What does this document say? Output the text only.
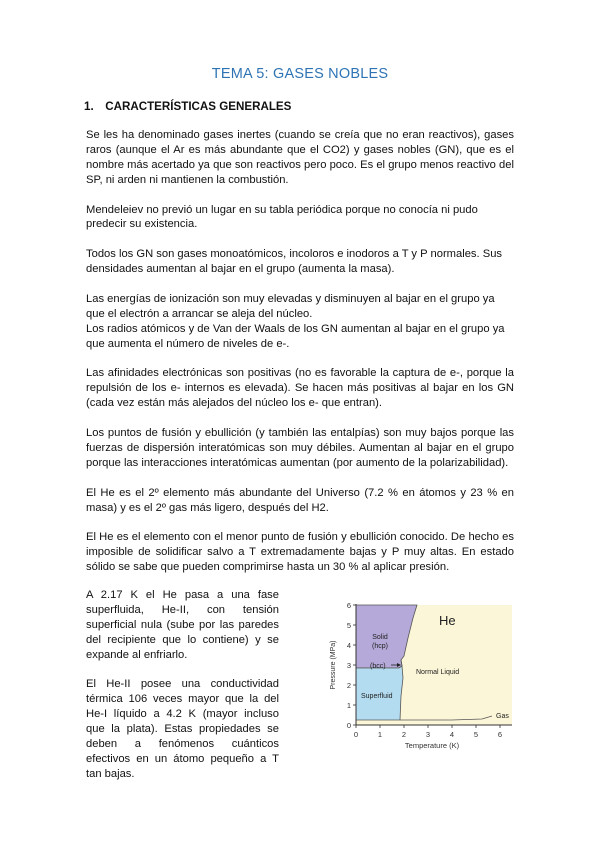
TEMA 5: GASES NOBLES
1. CARACTERÍSTICAS GENERALES

Se les ha denominado gases inertes (cuando se creía que no eran reactivos), gases raros (aunque el Ar es más abundante que el CO2) y gases nobles (GN), que es el nombre más acertado ya que son reactivos pero poco. Es el grupo menos reactivo del SP, ni arden ni mantienen la combustión.

Mendeleiev no previó un lugar en su tabla periódica porque no conocía ni pudo predecir su existencia.

Todos los GN son gases monoatómicos, incoloros e inodoros a T y P normales. Sus densidades aumentan al bajar en el grupo (aumenta la masa).

Las energías de ionización son muy elevadas y disminuyen al bajar en el grupo ya que el electrón a arrancar se aleja del núcleo.

Los radios atómicos y de Van der Waals de los GN aumentan al bajar en el grupo ya que aumenta el número de niveles de e-.

Las afinidades electrónicas son positivas (no es favorable la captura de e-, porque la repulsión de los e- internos es elevada). Se hacen más positivas al bajar en los GN (cada vez están más alejados del núcleo los e- que entran).

Los puntos de fusión y ebullición (y también las entalpías) son muy bajos porque las fuerzas de dispersión interatómicas son muy débiles. Aumentan al bajar en el grupo porque las interacciones interatómicas aumentan (por aumento de la polarizabilidad).

El He es el 2º elemento más abundante del Universo (7.2 % en átomos y 23 % en masa) y es el 2º gas más ligero, después del H2.

El He es el elemento con el menor punto de fusión y ebullición conocido. De hecho es imposible de solidificar salvo a T extremadamente bajas y P muy altas. En estado sólido se sabe que pueden comprimirse hasta un 30 % al aplicar presión.

A 2.17 K el He pasa a una fase superfluida, He-II, con tensión superficial nula (sube por las paredes del recipiente que lo contiene) y se expande al enfriarlo.

El He-II posee una conductividad térmica 106 veces mayor que la del He-I líquido a 4.2 K (mayor incluso que la plata). Estas propiedades se deben a fenómenos cuánticos efectivos en un átomo pequeño a T tan bajas.

0
1
2
3
4
5
6
0	1	2	3	4	5	6
Temperature (K)
Pressure (MPa)
He
Solid
(hcp)
(bcc)
Normal Liquid
Superfluid
Gas
